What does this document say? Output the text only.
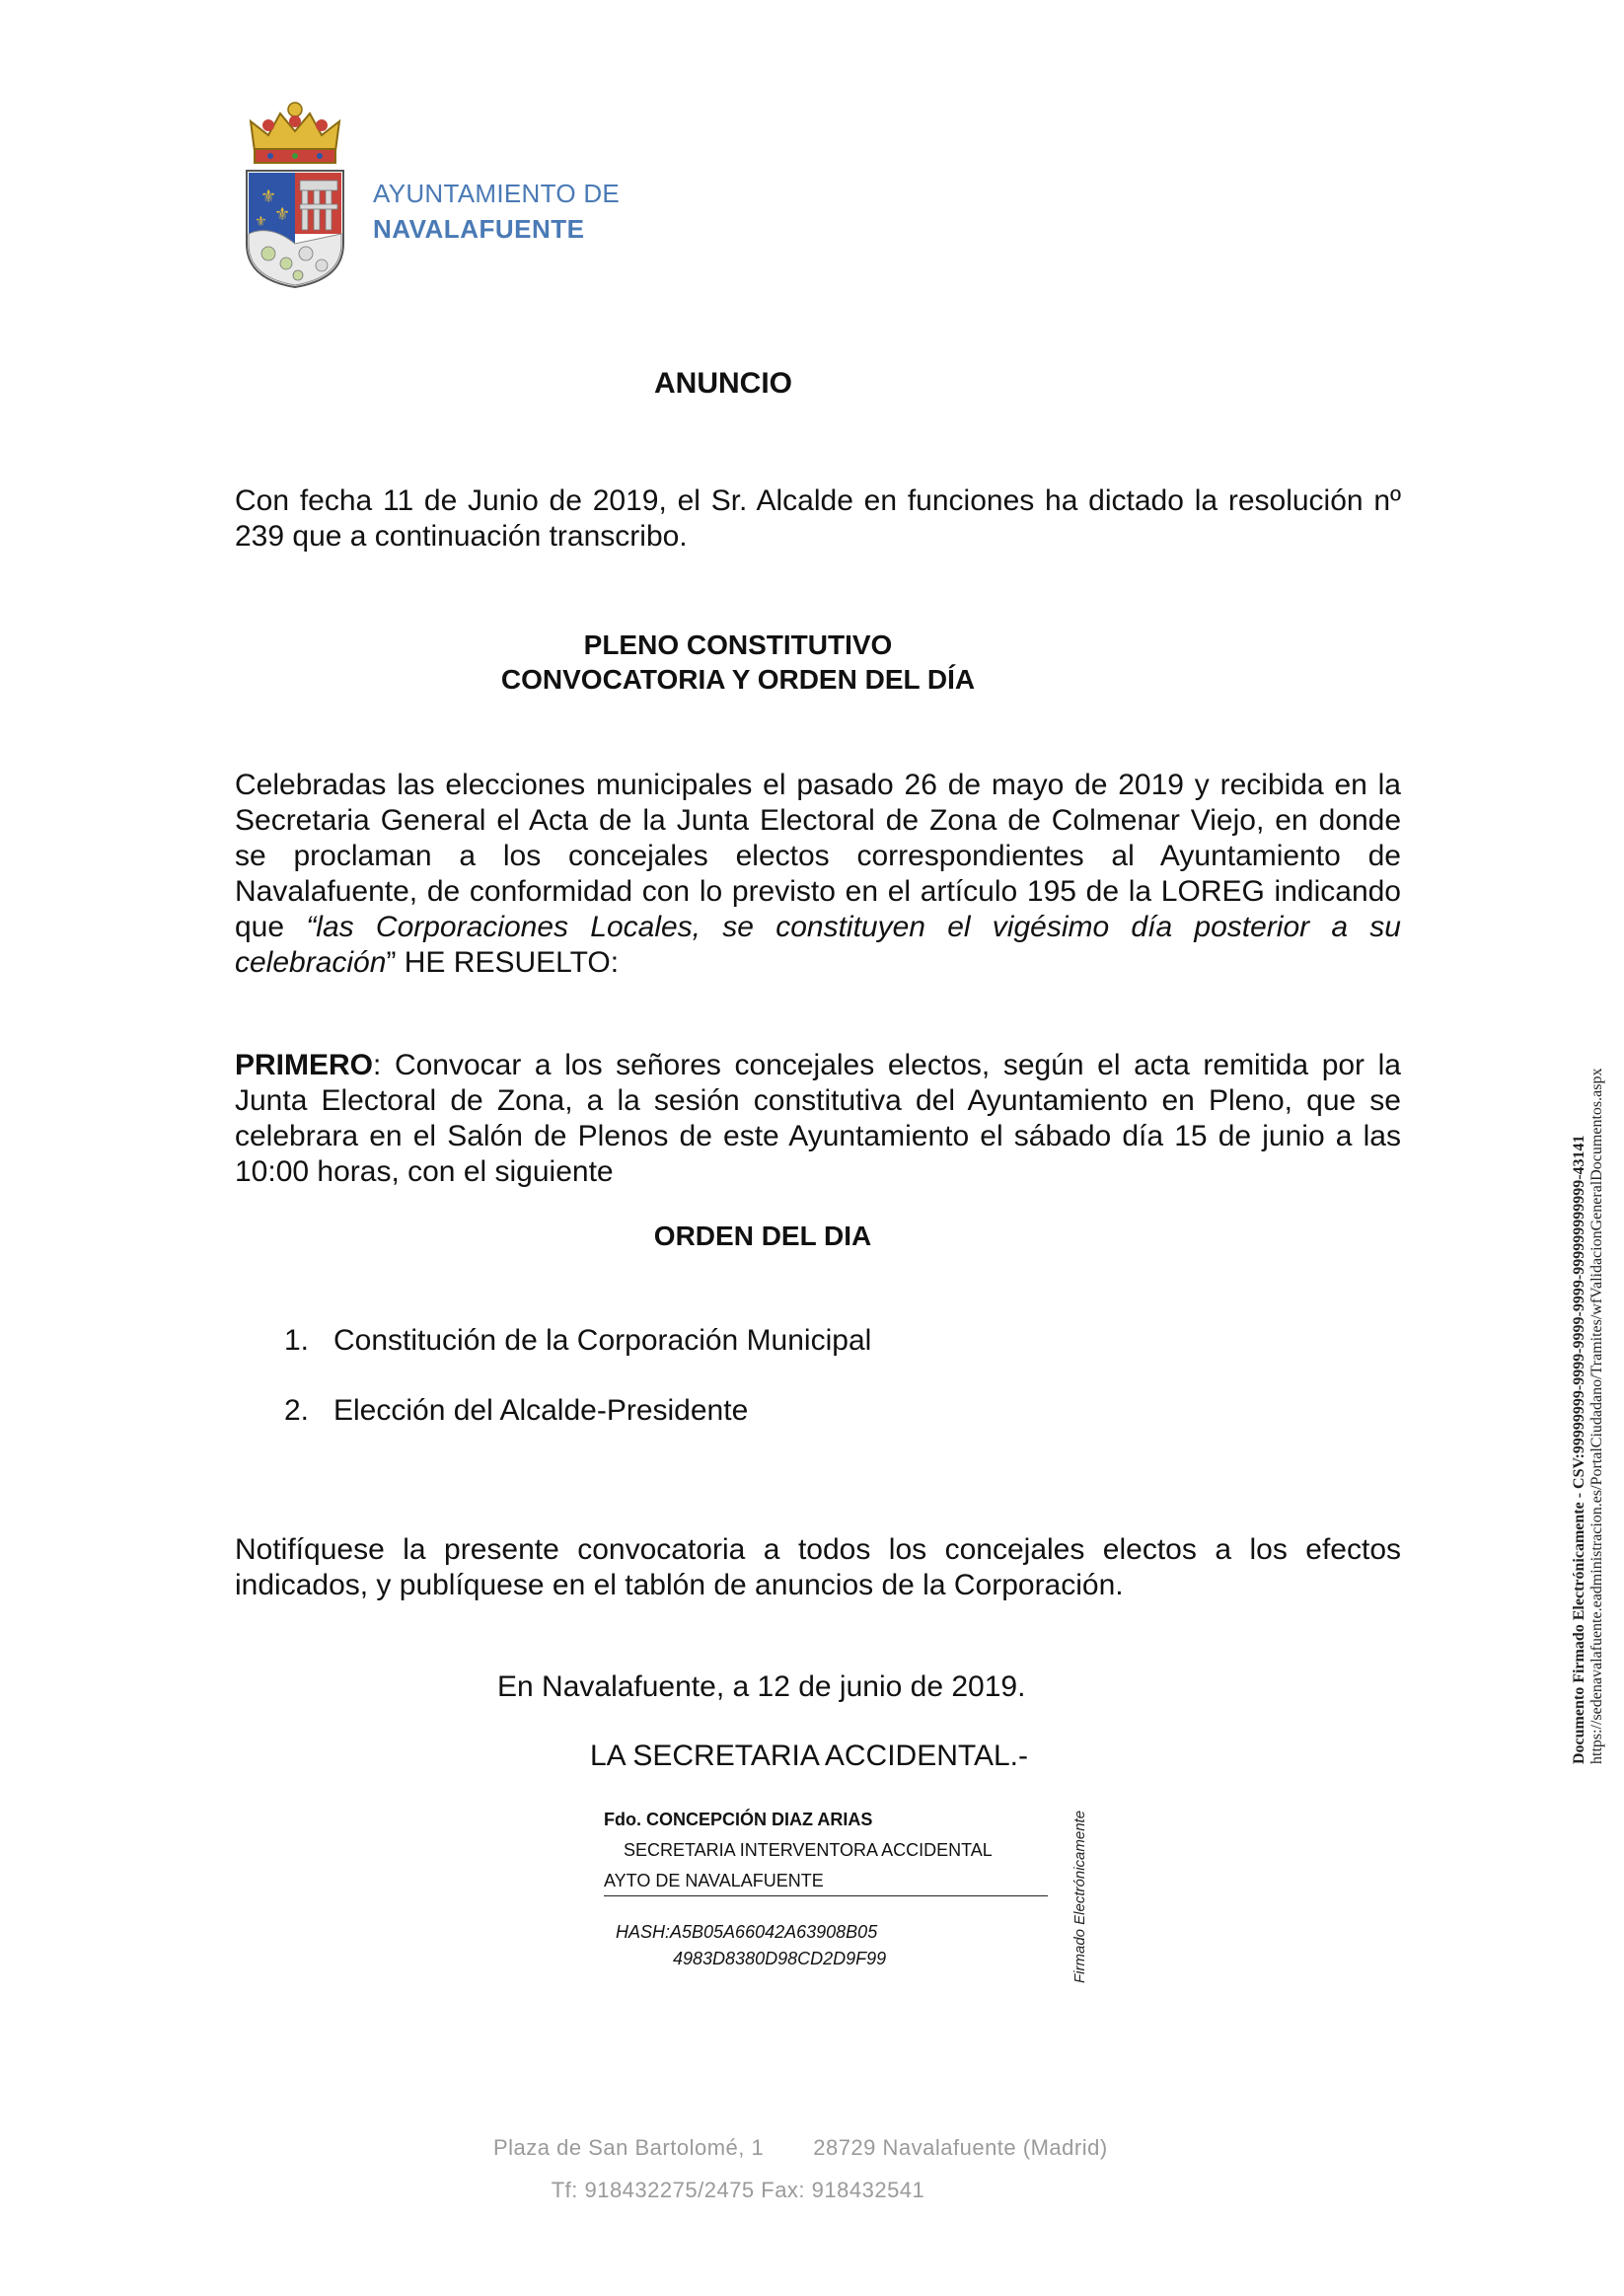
⚜
⚜
⚜
AYUNTAMIENTO DE
NAVALAFUENTE
ANUNCIO
Con fecha 11 de Junio de 2019, el Sr. Alcalde en funciones ha dictado la resolución nº 239 que a continuación transcribo.
PLENO CONSTITUTIVO
CONVOCATORIA Y ORDEN DEL DÍA
Celebradas las elecciones municipales el pasado 26 de mayo de 2019 y recibida en la Secretaria General el Acta de la Junta Electoral de Zona de Colmenar Viejo, en donde se proclaman a los concejales electos correspondientes al Ayuntamiento de Navalafuente, de conformidad con lo previsto en el artículo 195 de la LOREG indicando que “las Corporaciones Locales, se constituyen el vigésimo día posterior a su celebración” HE RESUELTO:
PRIMERO: Convocar a los señores concejales electos, según el acta remitida por la Junta Electoral de Zona, a la sesión constitutiva del Ayuntamiento en Pleno, que se celebrara en el Salón de Plenos de este Ayuntamiento el sábado día 15 de junio a las 10:00 horas, con el siguiente
ORDEN DEL DIA
1. Constitución de la Corporación Municipal
2. Elección del Alcalde-Presidente
Notifíquese la presente convocatoria a todos los concejales electos a los efectos indicados, y publíquese en el tablón de anuncios de la Corporación.
En Navalafuente, a 12 de junio de 2019.
LA SECRETARIA ACCIDENTAL.-
Fdo. CONCEPCIÓN DIAZ ARIAS
SECRETARIA INTERVENTORA ACCIDENTAL
AYTO DE NAVALAFUENTE
HASH:A5B05A66042A63908B05
4983D8380D98CD2D9F99	Firmado Electrónicamente
Documento Firmado Electrónicamente - CSV:99999999-9999-9999-9999-999999999999-43141 https://sedenavalafuente.eadministracion.es/PortalCiudadano/Tramites/wfValidacionGeneralDocumentos.aspx
Plaza de San Bartolomé, 1 28729 Navalafuente (Madrid)
Tf: 918432275/2475 Fax: 918432541
